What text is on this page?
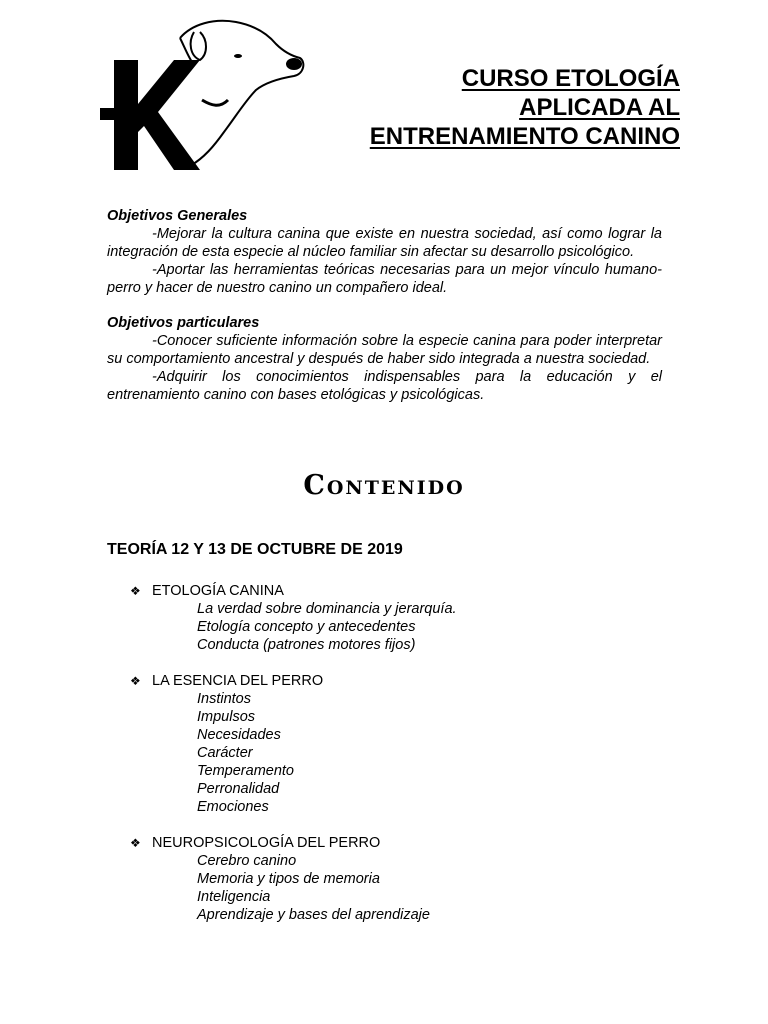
CURSO ETOLOGÍA
APLICADA AL
ENTRENAMIENTO CANINO
Objetivos Generales

-Mejorar la cultura canina que existe en nuestra sociedad, así como lograr la integración de esta especie al núcleo familiar sin afectar su desarrollo psicológico.

-Aportar las herramientas teóricas necesarias para un mejor vínculo humano-perro y hacer de nuestro canino un compañero ideal.

Objetivos particulares

-Conocer suficiente información sobre la especie canina para poder interpretar su comportamiento ancestral y después de haber sido integrada a nuestra sociedad.

-Adquirir los conocimientos indispensables para la educación y el entrenamiento canino con bases etológicas y psicológicas.

Contenido
TEORÍA 12 Y 13 DE OCTUBRE DE 2019
❖ ETOLOGÍA CANINA
La verdad sobre dominancia y jerarquía.
Etología concepto y antecedentes
Conducta (patrones motores fijos)
❖ LA ESENCIA DEL PERRO
Instintos
Impulsos
Necesidades
Carácter
Temperamento
Perronalidad
Emociones
❖ NEUROPSICOLOGÍA DEL PERRO
Cerebro canino
Memoria y tipos de memoria
Inteligencia
Aprendizaje y bases del aprendizaje
